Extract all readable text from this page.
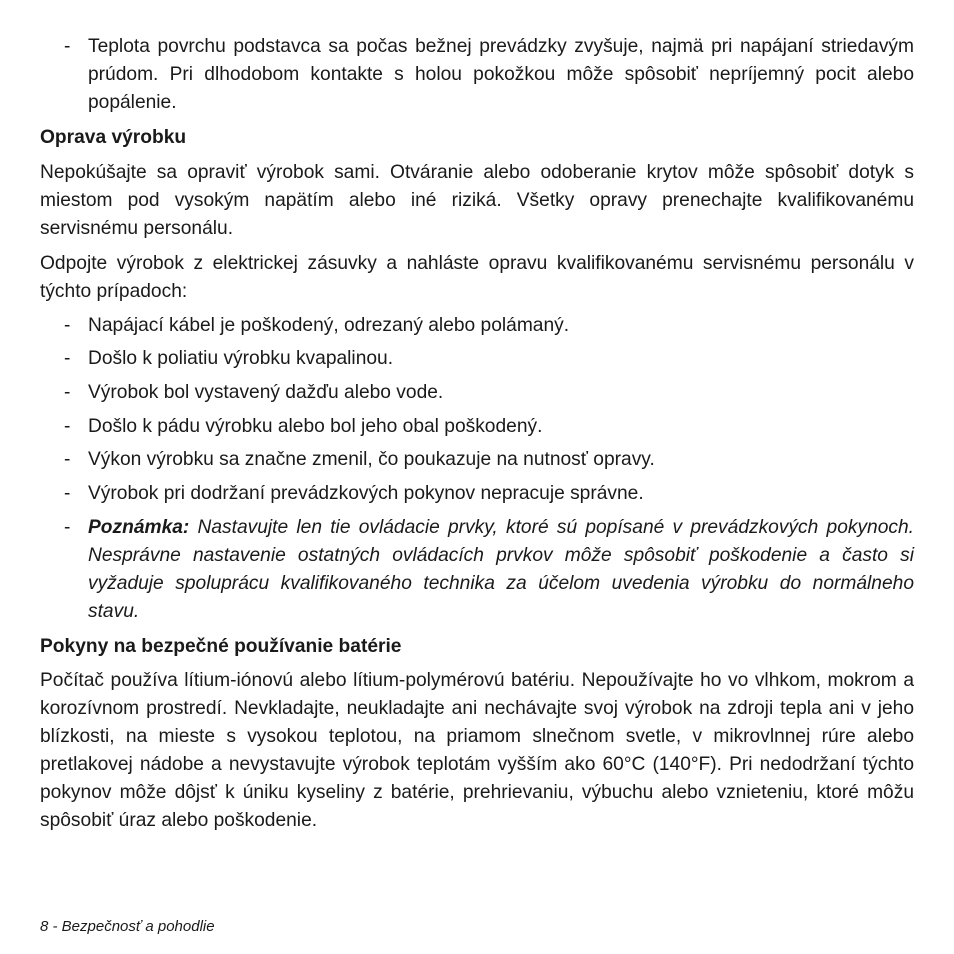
- Teplota povrchu podstavca sa počas bežnej prevádzky zvyšuje, najmä pri napájaní striedavým prúdom. Pri dlhodobom kontakte s holou pokožkou môže spôsobiť nepríjemný pocit alebo popálenie.
Oprava výrobku

Nepokúšajte sa opraviť výrobok sami. Otváranie alebo odoberanie krytov môže spôsobiť dotyk s miestom pod vysokým napätím alebo iné riziká. Všetky opravy prenechajte kvalifikovanému servisnému personálu.

Odpojte výrobok z elektrickej zásuvky a nahláste opravu kvalifikovanému servisnému personálu v týchto prípadoch:

- Napájací kábel je poškodený, odrezaný alebo polámaný.
- Došlo k poliatiu výrobku kvapalinou.
- Výrobok bol vystavený dažďu alebo vode.
- Došlo k pádu výrobku alebo bol jeho obal poškodený.
- Výkon výrobku sa značne zmenil, čo poukazuje na nutnosť opravy.
- Výrobok pri dodržaní prevádzkových pokynov nepracuje správne.
- Poznámka: Nastavujte len tie ovládacie prvky, ktoré sú popísané v prevádzkových pokynoch. Nesprávne nastavenie ostatných ovládacích prvkov môže spôsobiť poškodenie a často si vyžaduje spoluprácu kvalifikovaného technika za účelom uvedenia výrobku do normálneho stavu.
Pokyny na bezpečné používanie batérie

Počítač používa lítium-iónovú alebo lítium-polymérovú batériu. Nepoužívajte ho vo vlhkom, mokrom a korozívnom prostredí. Nevkladajte, neukladajte ani nechávajte svoj výrobok na zdroji tepla ani v jeho blízkosti, na mieste s vysokou teplotou, na priamom slnečnom svetle, v mikrovlnnej rúre alebo pretlakovej nádobe a nevystavujte výrobok teplotám vyšším ako 60°C (140°F). Pri nedodržaní týchto pokynov môže dôjsť k úniku kyseliny z batérie, prehrievaniu, výbuchu alebo vznieteniu, ktoré môžu spôsobiť úraz alebo poškodenie.

8 - Bezpečnosť a pohodlie
